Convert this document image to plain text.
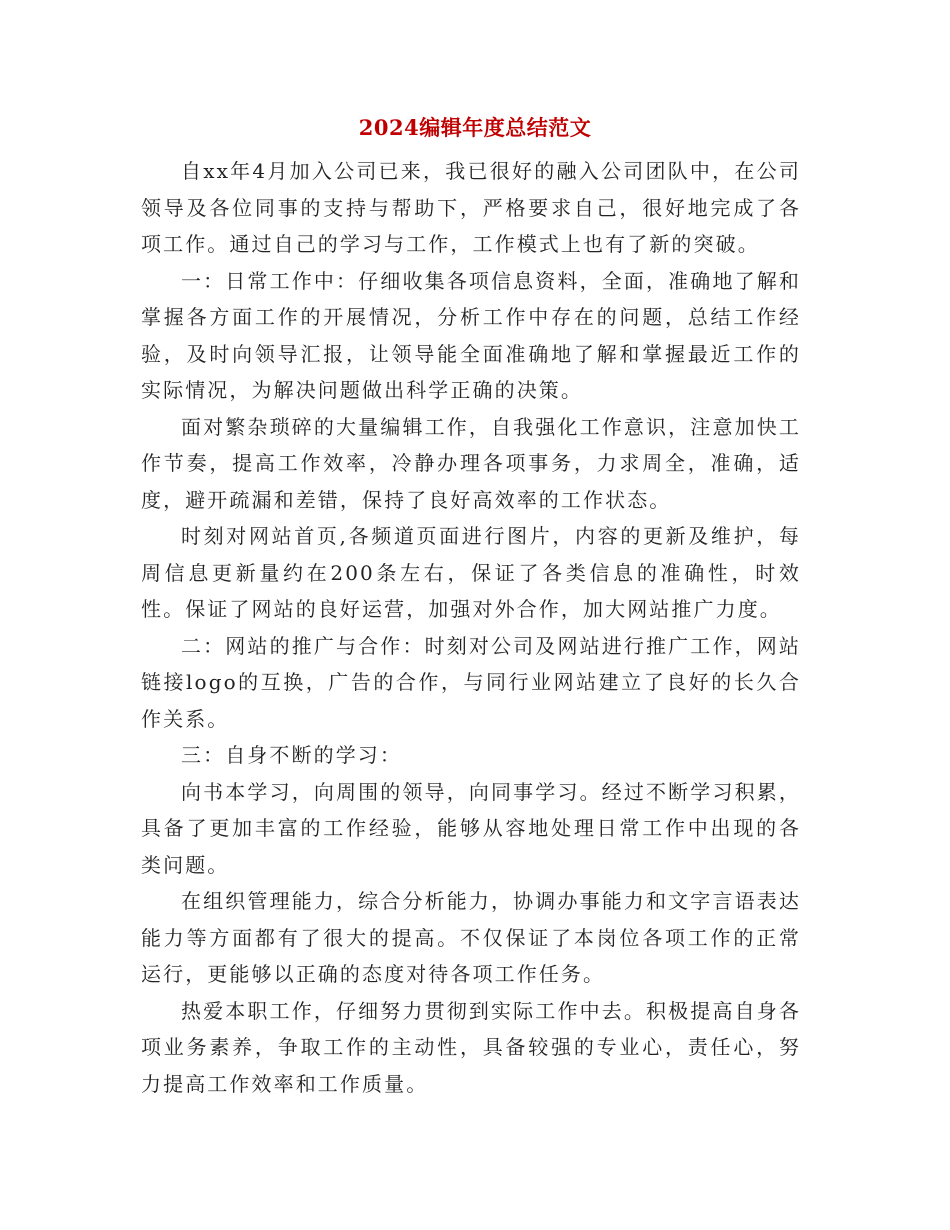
2024编辑年度总结范文

自xx年4月加入公司已来，我已很好的融入公司团队中，在公司领导及各位同事的支持与帮助下，严格要求自己，很好地完成了各项工作。通过自己的学习与工作，工作模式上也有了新的突破。

一：日常工作中：仔细收集各项信息资料，全面，准确地了解和掌握各方面工作的开展情况，分析工作中存在的问题，总结工作经验，及时向领导汇报，让领导能全面准确地了解和掌握最近工作的实际情况，为解决问题做出科学正确的决策。

面对繁杂琐碎的大量编辑工作，自我强化工作意识，注意加快工作节奏，提高工作效率，冷静办理各项事务，力求周全，准确，适度，避开疏漏和差错，保持了良好高效率的工作状态。

时刻对网站首页,各频道页面进行图片，内容的更新及维护，每周信息更新量约在200条左右，保证了各类信息的准确性，时效性。保证了网站的良好运营，加强对外合作，加大网站推广力度。

二：网站的推广与合作：时刻对公司及网站进行推广工作，网站链接logo的互换，广告的合作，与同行业网站建立了良好的长久合作关系。

三：自身不断的学习：

向书本学习，向周围的领导，向同事学习。经过不断学习积累，具备了更加丰富的工作经验，能够从容地处理日常工作中出现的各类问题。

在组织管理能力，综合分析能力，协调办事能力和文字言语表达能力等方面都有了很大的提高。不仅保证了本岗位各项工作的正常运行，更能够以正确的态度对待各项工作任务。

热爱本职工作，仔细努力贯彻到实际工作中去。积极提高自身各项业务素养，争取工作的主动性，具备较强的专业心，责任心，努力提高工作效率和工作质量。
